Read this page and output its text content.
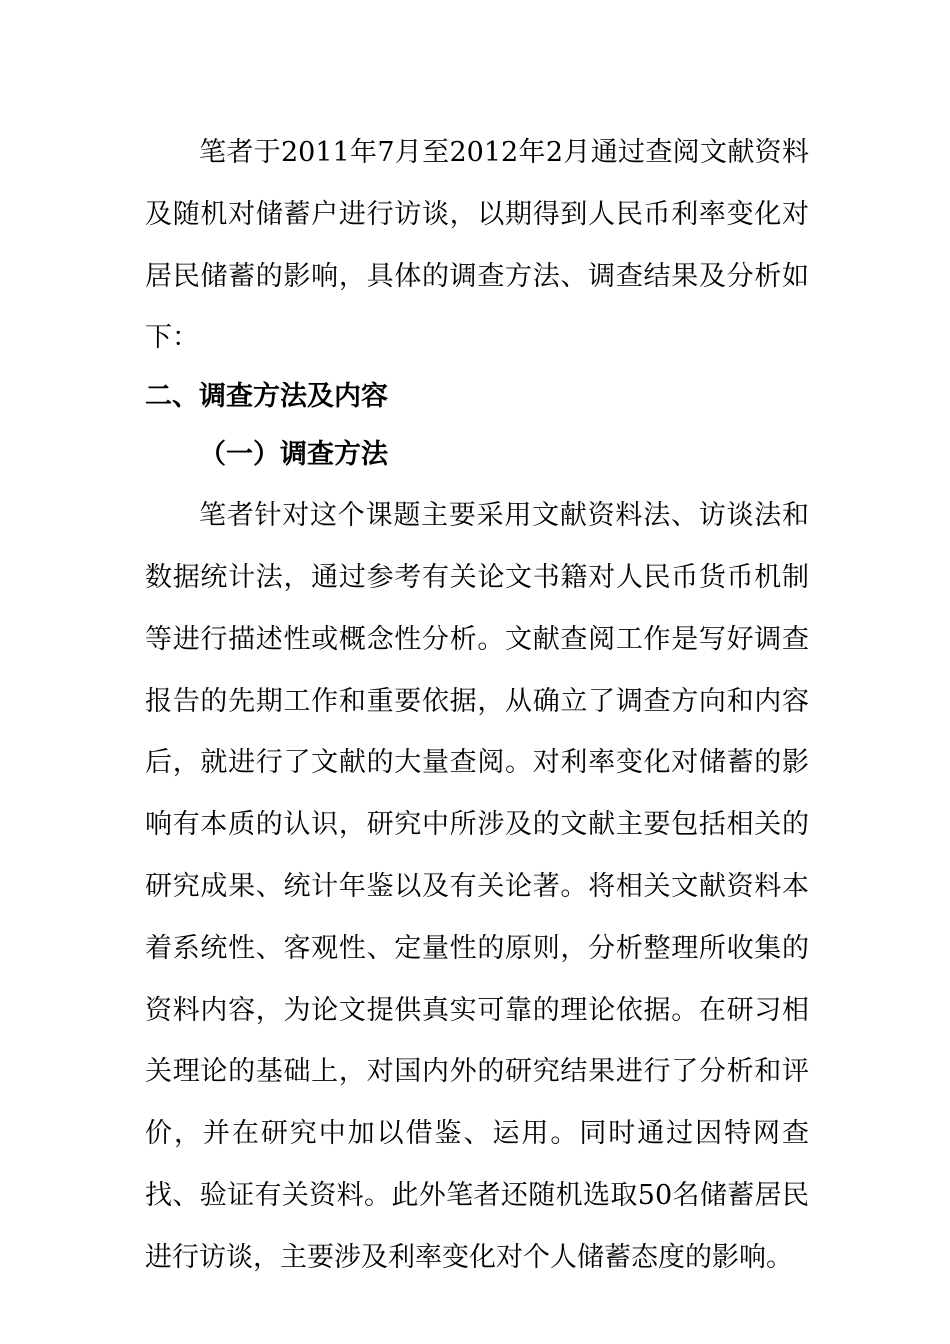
笔者于2011年7月至2012年2月通过查阅文献资料及随机对储蓄户进行访谈，以期得到人民币利率变化对居民储蓄的影响，具体的调查方法、调查结果及分析如下：

二、调查方法及内容
（一）调查方法

笔者针对这个课题主要采用文献资料法、访谈法和数据统计法，通过参考有关论文书籍对人民币货币机制等进行描述性或概念性分析。文献查阅工作是写好调查报告的先期工作和重要依据，从确立了调查方向和内容后，就进行了文献的大量查阅。对利率变化对储蓄的影响有本质的认识，研究中所涉及的文献主要包括相关的研究成果、统计年鉴以及有关论著。将相关文献资料本着系统性、客观性、定量性的原则，分析整理所收集的资料内容，为论文提供真实可靠的理论依据。在研习相关理论的基础上，对国内外的研究结果进行了分析和评价，并在研究中加以借鉴、运用。同时通过因特网查找、验证有关资料。此外笔者还随机选取50名储蓄居民进行访谈，主要涉及利率变化对个人储蓄态度的影响。
